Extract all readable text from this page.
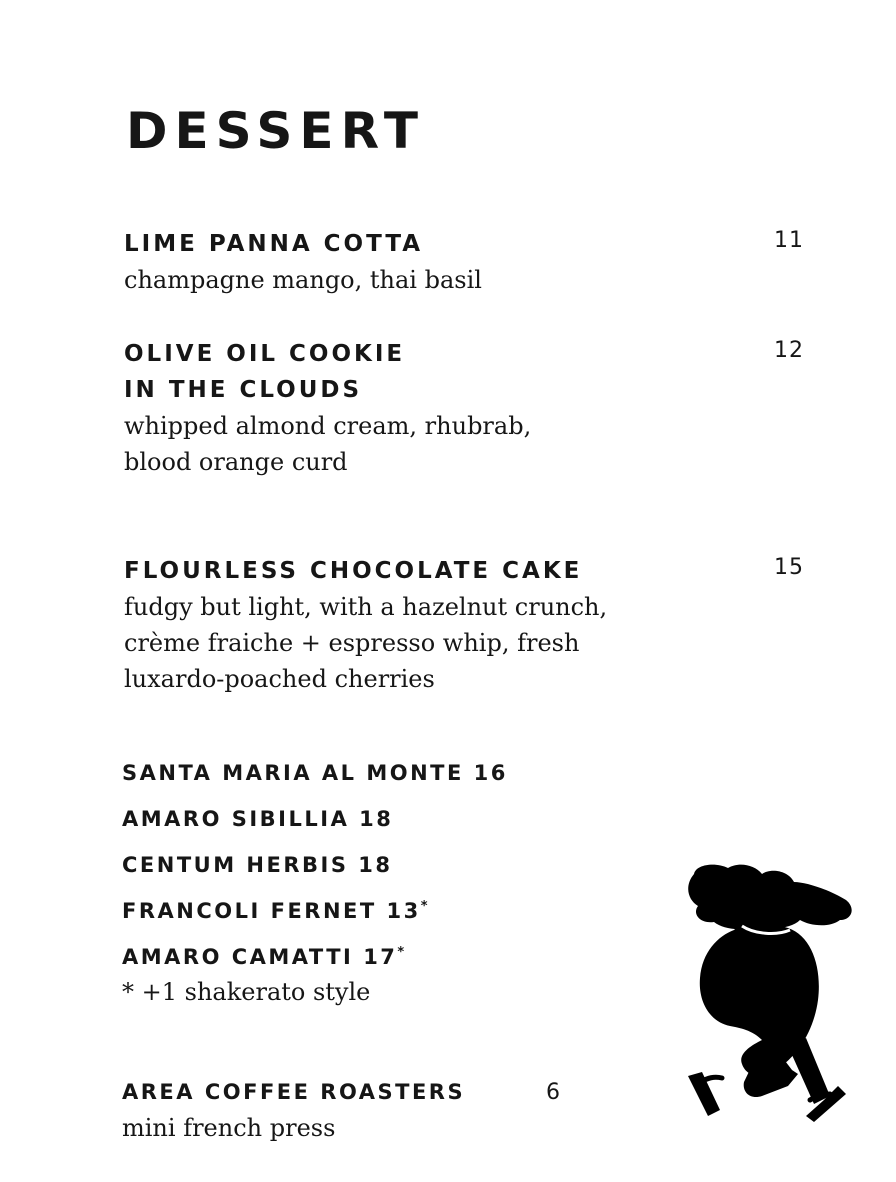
DESSERT
LIME PANNA COTTA	11
champagne mango, thai basil
OLIVE OIL COOKIE
IN THE CLOUDS
12
whipped almond cream, rhubrab,
blood orange curd
FLOURLESS CHOCOLATE CAKE	15
fudgy but light, with a hazelnut crunch,
crème fraiche + espresso whip, fresh
luxardo-poached cherries
SANTA MARIA AL MONTE 16
AMARO SIBILLIA 18
CENTUM HERBIS 18
FRANCOLI FERNET 13*
AMARO CAMATTI 17*
* +1 shakerato style
AREA COFFEE ROASTERS
mini french press
6
